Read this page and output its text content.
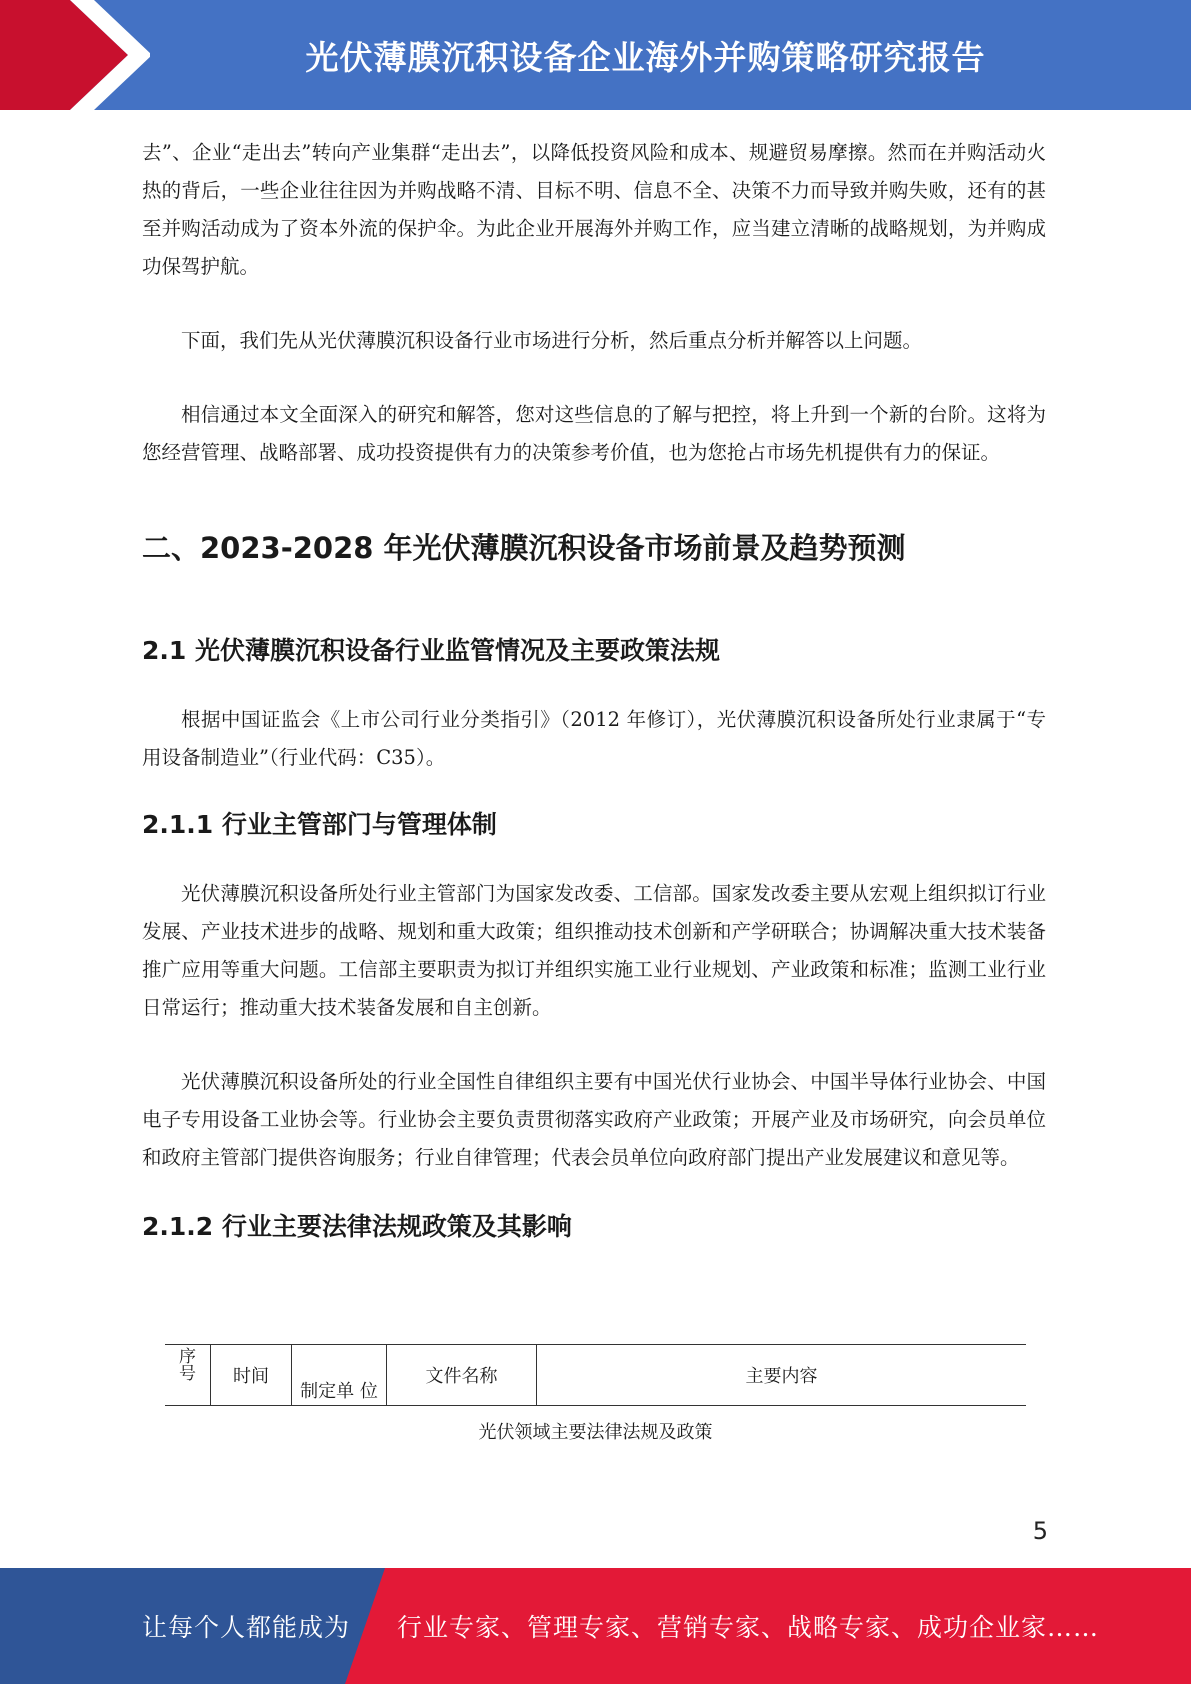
光伏薄膜沉积设备企业海外并购策略研究报告

去”、企业“走出去”转向产业集群“走出去”，以降低投资风险和成本、规避贸易摩擦。然而在并购活动火热的背后，一些企业往往因为并购战略不清、目标不明、信息不全、决策不力而导致并购失败，还有的甚至并购活动成为了资本外流的保护伞。为此企业开展海外并购工作，应当建立清晰的战略规划，为并购成功保驾护航。

下面，我们先从光伏薄膜沉积设备行业市场进行分析，然后重点分析并解答以上问题。

相信通过本文全面深入的研究和解答，您对这些信息的了解与把控，将上升到一个新的台阶。这将为您经营管理、战略部署、成功投资提供有力的决策参考价值，也为您抢占市场先机提供有力的保证。

二、2023-2028 年光伏薄膜沉积设备市场前景及趋势预测
2.1 光伏薄膜沉积设备行业监管情况及主要政策法规

根据中国证监会《上市公司行业分类指引》（2012 年修订），光伏薄膜沉积设备所处行业隶属于“专用设备制造业”（行业代码：C35）。

2.1.1 行业主管部门与管理体制

光伏薄膜沉积设备所处行业主管部门为国家发改委、工信部。国家发改委主要从宏观上组织拟订行业发展、产业技术进步的战略、规划和重大政策；组织推动技术创新和产学研联合；协调解决重大技术装备推广应用等重大问题。工信部主要职责为拟订并组织实施工业行业规划、产业政策和标准；监测工业行业日常运行；推动重大技术装备发展和自主创新。

光伏薄膜沉积设备所处的行业全国性自律组织主要有中国光伏行业协会、中国半导体行业协会、中国电子专用设备工业协会等。行业协会主要负责贯彻落实政府产业政策；开展产业及市场研究，向会员单位和政府主管部门提供咨询服务；行业自律管理；代表会员单位向政府部门提出产业发展建议和意见等。

2.1.2 行业主要法律法规政策及其影响
序
号	时间	制定单 位	文件名称	主要内容
光伏领域主要法律法规及政策
5
让每个人都能成为 行业专家、管理专家、营销专家、战略专家、成功企业家……
